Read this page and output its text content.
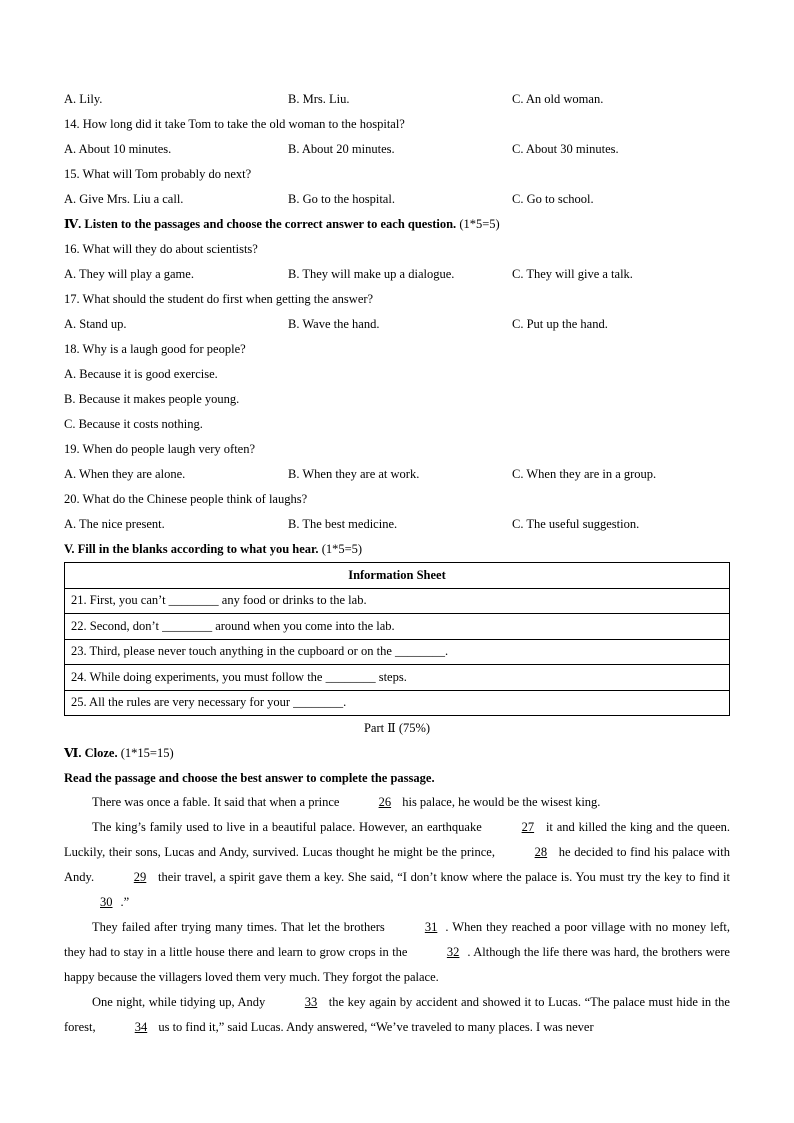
A. Lily.	B. Mrs. Liu.	C. An old woman.
14. How long did it take Tom to take the old woman to the hospital?
A. About 10 minutes.	B. About 20 minutes.	C. About 30 minutes.
15. What will Tom probably do next?
A. Give Mrs. Liu a call.	B. Go to the hospital.	C. Go to school.
Ⅳ. Listen to the passages and choose the correct answer to each question. (1*5=5)
16. What will they do about scientists?
A. They will play a game.	B. They will make up a dialogue.	C. They will give a talk.
17. What should the student do first when getting the answer?
A. Stand up.	B. Wave the hand.	C. Put up the hand.
18. Why is a laugh good for people?
A. Because it is good exercise.
B. Because it makes people young.
C. Because it costs nothing.
19. When do people laugh very often?
A. When they are alone.	B. When they are at work.	C. When they are in a group.
20. What do the Chinese people think of laughs?
A. The nice present.	B. The best medicine.	C. The useful suggestion.
V. Fill in the blanks according to what you hear. (1*5=5)
Information Sheet
21. First, you can’t ________ any food or drinks to the lab.
22. Second, don’t ________ around when you come into the lab.
23. Third, please never touch anything in the cupboard or on the ________.
24. While doing experiments, you must follow the ________ steps.
25. All the rules are very necessary for your ________.
Part Ⅱ (75%)
Ⅵ. Cloze. (1*15=15)
Read the passage and choose the best answer to complete the passage.

There was once a fable. It said that when a prince	26 his palace, he would be the wisest king.

The king’s family used to live in a beautiful palace. However, an earthquake	27 it and killed the king and the queen. Luckily, their sons, Lucas and Andy, survived. Lucas thought he might be the prince,	28 he decided to find his palace with Andy.	29 their travel, a spirit gave them a key. She said, “I don’t know where the palace is. You must try the key to find it 30 .”

They failed after trying many times. That let the brothers	31 . When they reached a poor village with no money left, they had to stay in a little house there and learn to grow crops in the	32 . Although the life there was hard, the brothers were happy because the villagers loved them very much. They forgot the palace.

One night, while tidying up, Andy	33 the key again by accident and showed it to Lucas. “The palace must hide in the forest,	34 us to find it,” said Lucas. Andy answered, “We’ve traveled to many places. I was never
